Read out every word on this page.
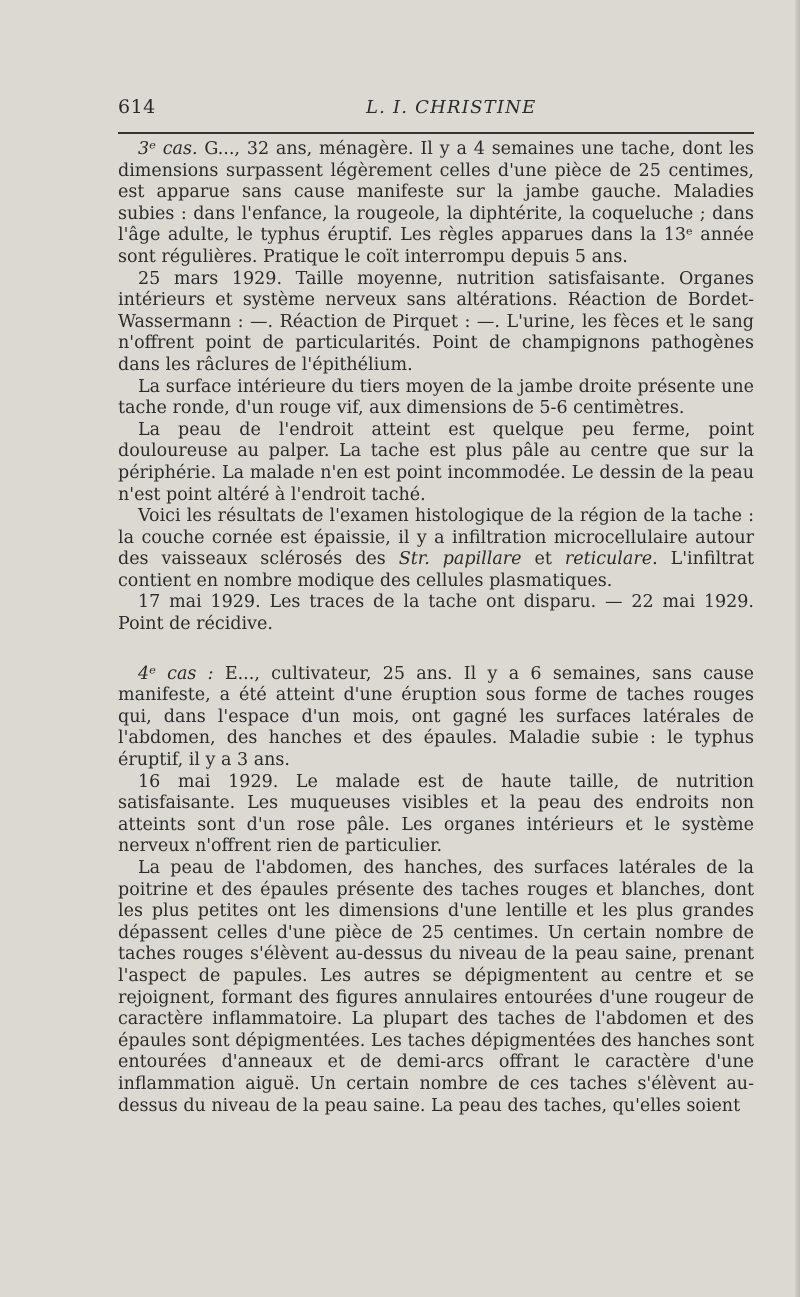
614	L. I. CHRISTINE

3ᵉ cas. G..., 32 ans, ménagère. Il y a 4 semaines une tache, dont les dimensions surpassent légèrement celles d'une pièce de 25 centimes, est apparue sans cause manifeste sur la jambe gauche. Maladies subies : dans l'enfance, la rougeole, la diphtérite, la coqueluche ; dans l'âge adulte, le typhus éruptif. Les règles apparues dans la 13ᵉ année sont régulières. Pratique le coït interrompu depuis 5 ans.

25 mars 1929. Taille moyenne, nutrition satisfaisante. Organes intérieurs et système nerveux sans altérations. Réaction de Bordet-Wassermann : —. Réaction de Pirquet : —. L'urine, les fèces et le sang n'offrent point de particularités. Point de champignons pathogènes dans les râclures de l'épithélium.

La surface intérieure du tiers moyen de la jambe droite présente une tache ronde, d'un rouge vif, aux dimensions de 5-6 centimètres.

La peau de l'endroit atteint est quelque peu ferme, point douloureuse au palper. La tache est plus pâle au centre que sur la périphérie. La malade n'en est point incommodée. Le dessin de la peau n'est point altéré à l'endroit taché.

Voici les résultats de l'examen histologique de la région de la tache : la couche cornée est épaissie, il y a infiltration microcellulaire autour des vaisseaux sclérosés des Str. papillare et reticulare. L'infiltrat contient en nombre modique des cellules plasmatiques.

17 mai 1929. Les traces de la tache ont disparu. — 22 mai 1929. Point de récidive.

4ᵉ cas : E..., cultivateur, 25 ans. Il y a 6 semaines, sans cause manifeste, a été atteint d'une éruption sous forme de taches rouges qui, dans l'espace d'un mois, ont gagné les surfaces latérales de l'abdomen, des hanches et des épaules. Maladie subie : le typhus éruptif, il y a 3 ans.

16 mai 1929. Le malade est de haute taille, de nutrition satisfaisante. Les muqueuses visibles et la peau des endroits non atteints sont d'un rose pâle. Les organes intérieurs et le système nerveux n'offrent rien de particulier.

La peau de l'abdomen, des hanches, des surfaces latérales de la poitrine et des épaules présente des taches rouges et blanches, dont les plus petites ont les dimensions d'une lentille et les plus grandes dépassent celles d'une pièce de 25 centimes. Un certain nombre de taches rouges s'élèvent au-dessus du niveau de la peau saine, prenant l'aspect de papules. Les autres se dépigmentent au centre et se rejoignent, formant des figures annulaires entourées d'une rougeur de caractère inflammatoire. La plupart des taches de l'abdomen et des épaules sont dépigmentées. Les taches dépigmentées des hanches sont entourées d'anneaux et de demi-arcs offrant le caractère d'une inflammation aiguë. Un certain nombre de ces taches s'élèvent au-dessus du niveau de la peau saine. La peau des taches, qu'elles soient
